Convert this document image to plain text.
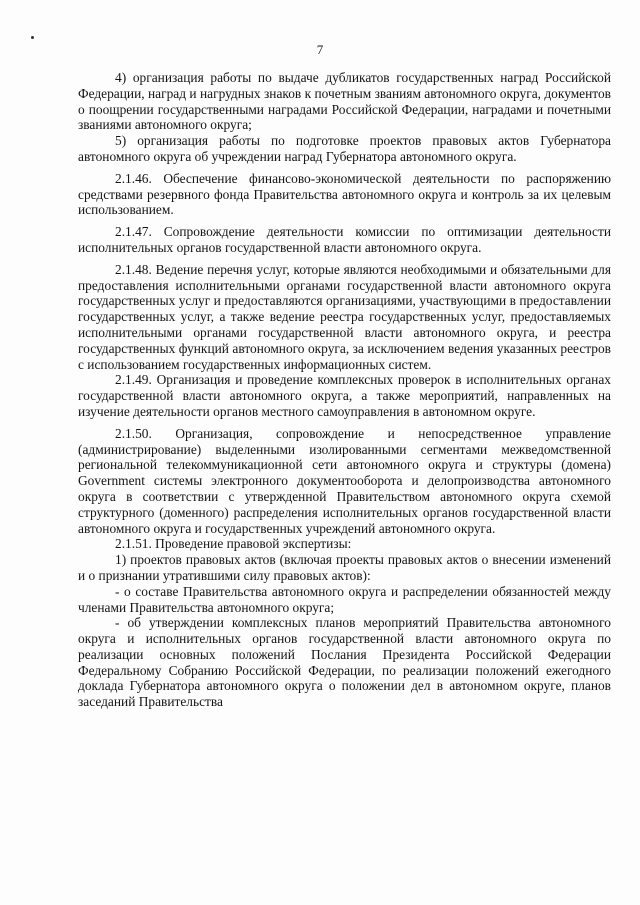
7

4) организация работы по выдаче дубликатов государственных наград Российской Федерации, наград и нагрудных знаков к почетным званиям автономного округа, документов о поощрении государственными наградами Российской Федерации, наградами и почетными званиями автономного округа;

5) организация работы по подготовке проектов правовых актов Губернатора автономного округа об учреждении наград Губернатора автономного округа.

2.1.46. Обеспечение финансово-экономической деятельности по распоряжению средствами резервного фонда Правительства автономного округа и контроль за их целевым использованием.

2.1.47. Сопровождение деятельности комиссии по оптимизации деятельности исполнительных органов государственной власти автономного округа.

2.1.48. Ведение перечня услуг, которые являются необходимыми и обязательными для предоставления исполнительными органами государственной власти автономного округа государственных услуг и предоставляются организациями, участвующими в предоставлении государственных услуг, а также ведение реестра государственных услуг, предоставляемых исполнительными органами государственной власти автономного округа, и реестра государственных функций автономного округа, за исключением ведения указанных реестров с использованием государственных информационных систем.

2.1.49. Организация и проведение комплексных проверок в исполнительных органах государственной власти автономного округа, а также мероприятий, направленных на изучение деятельности органов местного самоуправления в автономном округе.

2.1.50. Организация, сопровождение и непосредственное управление (администрирование) выделенными изолированными сегментами межведомственной региональной телекоммуникационной сети автономного округа и структуры (домена) Government системы электронного документооборота и делопроизводства автономного округа в соответствии с утвержденной Правительством автономного округа схемой структурного (доменного) распределения исполнительных органов государственной власти автономного округа и государственных учреждений автономного округа.

2.1.51. Проведение правовой экспертизы:

1) проектов правовых актов (включая проекты правовых актов о внесении изменений и о признании утратившими силу правовых актов):

- о составе Правительства автономного округа и распределении обязанностей между членами Правительства автономного округа;

- об утверждении комплексных планов мероприятий Правительства автономного округа и исполнительных органов государственной власти автономного округа по реализации основных положений Послания Президента Российской Федерации Федеральному Собранию Российской Федерации, по реализации положений ежегодного доклада Губернатора автономного округа о положении дел в автономном округе, планов заседаний Правительства
